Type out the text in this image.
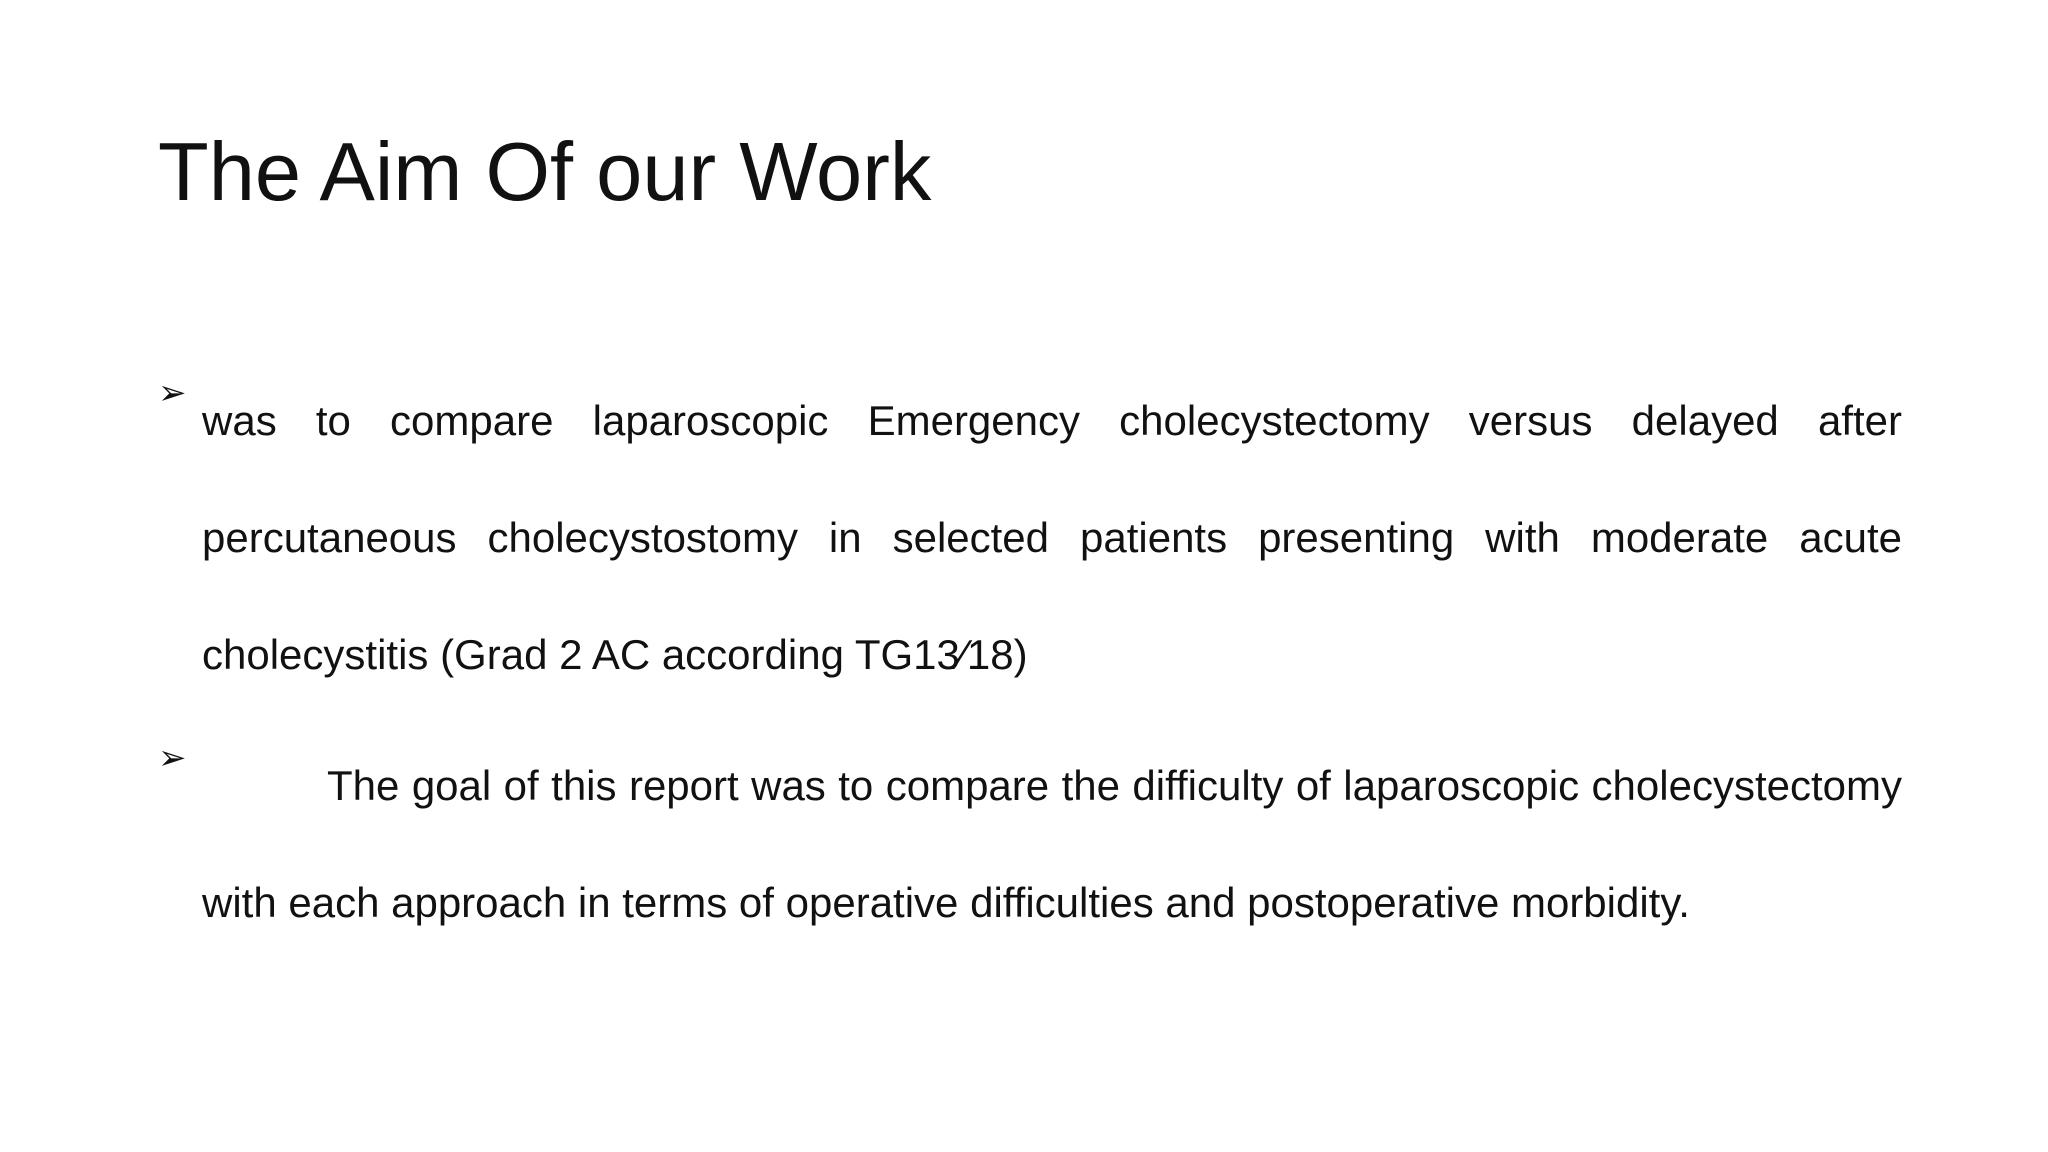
The Aim Of our Work
➢
was to compare laparoscopic Emergency cholecystectomy versus delayed after percutaneous cholecystostomy in selected patients presenting with moderate acute cholecystitis (Grad 2 AC according TG13⁄18)
➢
The goal of this report was to compare the difficulty of laparoscopic cholecystectomy with each approach in terms of operative difficulties and postoperative morbidity.
